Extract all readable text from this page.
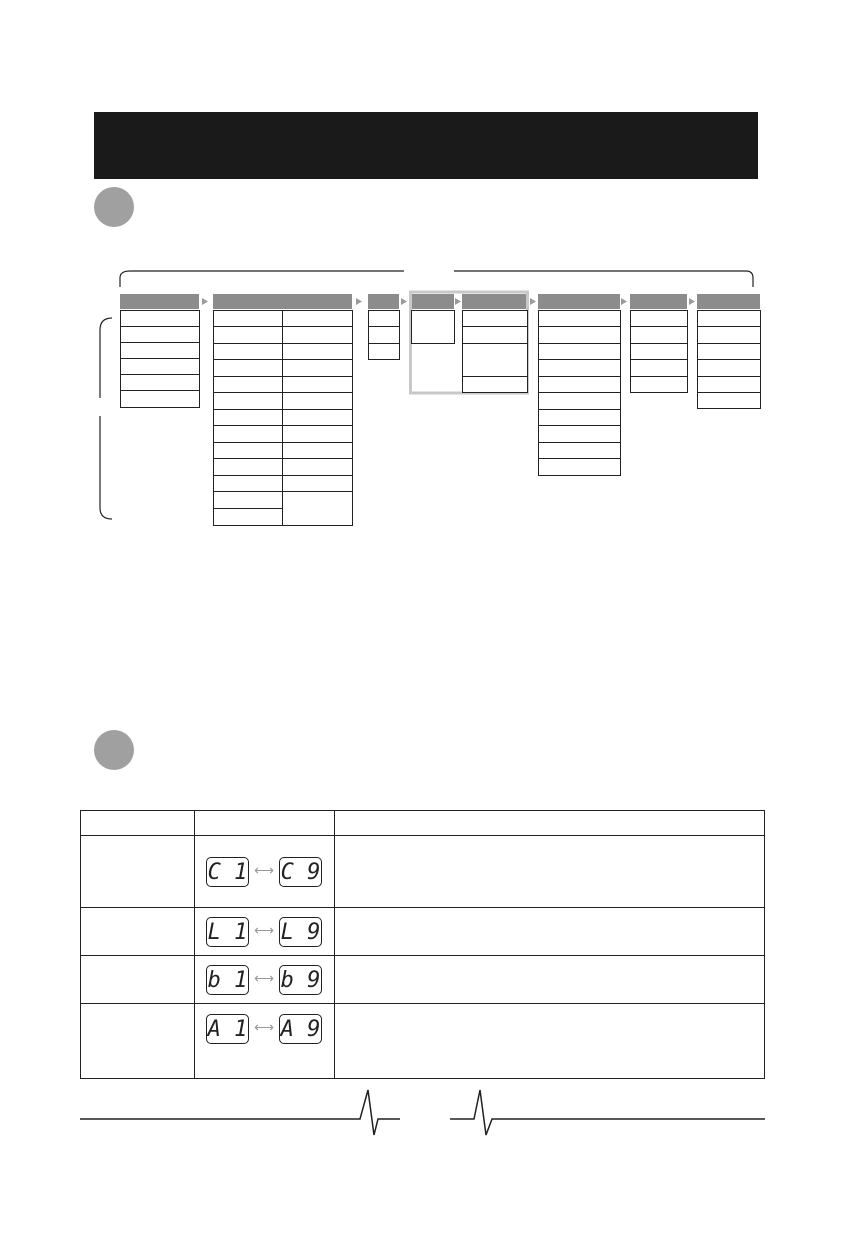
C 1 ⟷ C 9
L 1 ⟷ L 9
b 1 ⟷ b 9
A 1 ⟷ A 9
